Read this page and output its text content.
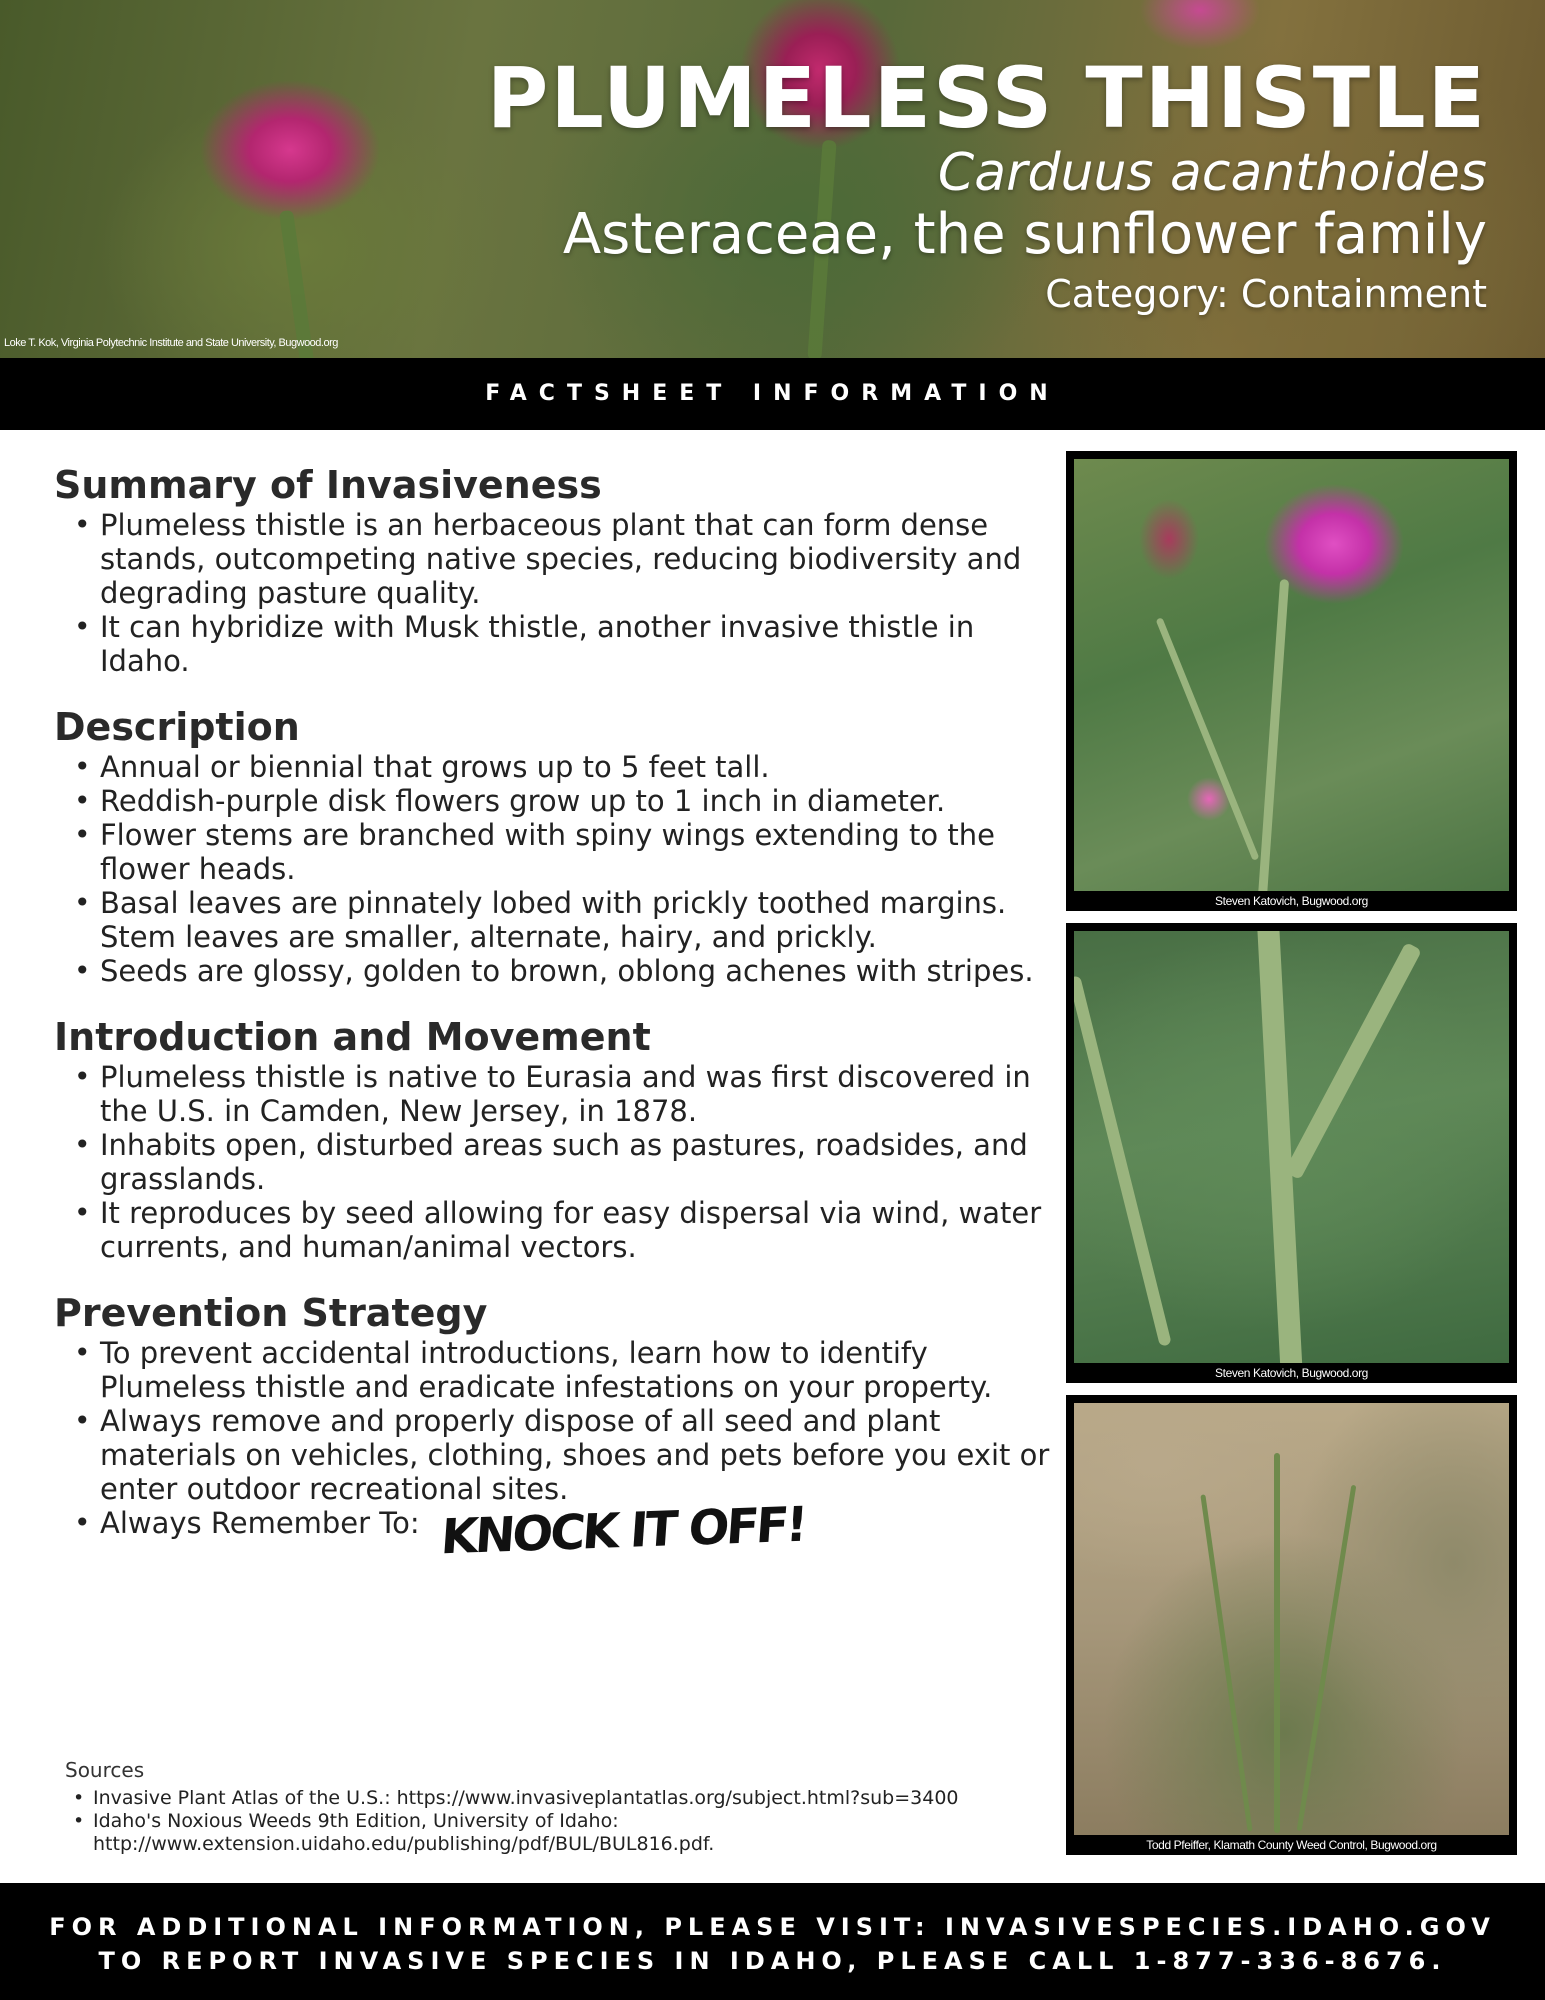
PLUMELESS THISTLE
Carduus acanthoides
Asteraceae, the sunflower family
Category: Containment
Loke T. Kok, Virginia Polytechnic Institute and State University, Bugwood.org
FACTSHEET INFORMATION
Summary of Invasiveness
• Plumeless thistle is an herbaceous plant that can form dense stands, outcompeting native species, reducing biodiversity and degrading pasture quality.
• It can hybridize with Musk thistle, another invasive thistle in Idaho.
Description
• Annual or biennial that grows up to 5 feet tall.
• Reddish-purple disk flowers grow up to 1 inch in diameter.
• Flower stems are branched with spiny wings extending to the flower heads.
• Basal leaves are pinnately lobed with prickly toothed margins. Stem leaves are smaller, alternate, hairy, and prickly.
• Seeds are glossy, golden to brown, oblong achenes with stripes.
Introduction and Movement
• Plumeless thistle is native to Eurasia and was first discovered in the U.S. in Camden, New Jersey, in 1878.
• Inhabits open, disturbed areas such as pastures, roadsides, and grasslands.
• It reproduces by seed allowing for easy dispersal via wind, water currents, and human/animal vectors.
Prevention Strategy
• To prevent accidental introductions, learn how to identify Plumeless thistle and eradicate infestations on your property.
• Always remove and properly dispose of all seed and plant materials on vehicles, clothing, shoes and pets before you exit or enter outdoor recreational sites.
• Always Remember To: KNOCK IT OFF!
Sources
• Invasive Plant Atlas of the U.S.: https://www.invasiveplantatlas.org/subject.html?sub=3400
• Idaho's Noxious Weeds 9th Edition, University of Idaho: http://www.extension.uidaho.edu/publishing/pdf/BUL/BUL816.pdf.
Steven Katovich, Bugwood.org
Steven Katovich, Bugwood.org
Todd Pfeiffer, Klamath County Weed Control, Bugwood.org
FOR ADDITIONAL INFORMATION, PLEASE VISIT: INVASIVESPECIES.IDAHO.GOV
TO REPORT INVASIVE SPECIES IN IDAHO, PLEASE CALL 1-877-336-8676.
